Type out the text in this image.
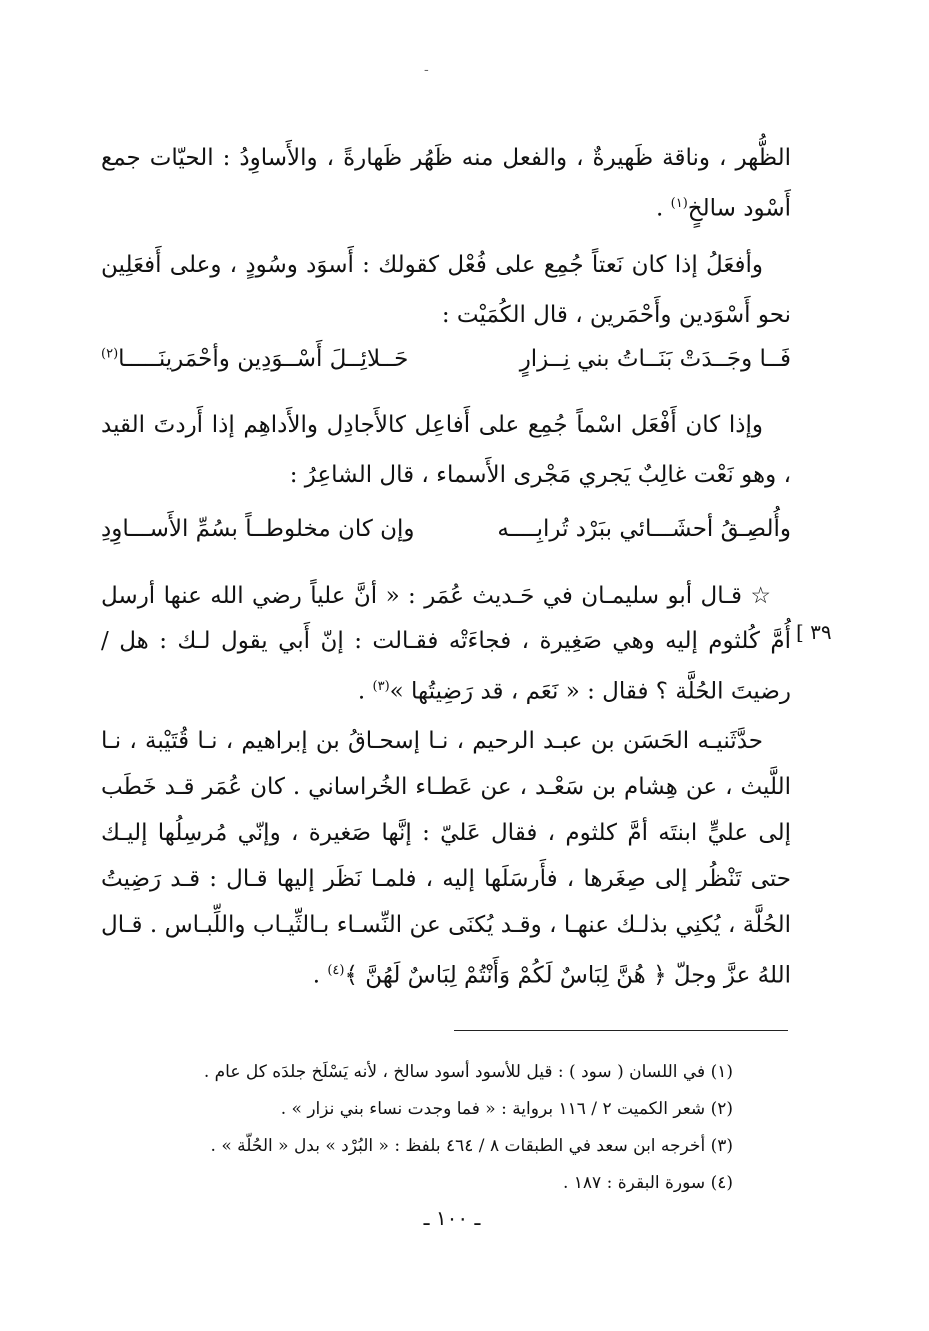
-
الظُّهر ، وناقة ظَهيرةٌ ، والفعل منه ظَهُر ظَهارةً ، والأَساوِدُ : الحيّات جمع أَسْود سالخٍ$^{(١)}$ .
وأفعَلُ إذا كان نَعتاً جُمِع على فُعْل كقولك : أَسوَد وسُودٍ ، وعلى أَفعَلِين نحو أَسْوَدين وأَحْمَرين ، قال الكُمَيْت :
فَــا وجَــدَتْ بَنَــاتُ بني نِــزارٍ
حَــلائِــلَ أَسْــوَدِين وأحْمَرينَـــــا$^{(٢)}$
وإذا كان أَفْعَل اسْماً جُمِع على أَفاعِل كالأَجادِل والأَداهِم إذا أَردتَ القيد ، وهو نَعْت غالِبٌ يَجري مَجْرى الأَسماء ، قال الشاعِرُ :
وأُلصِـقُ أحشَـــائي ببَرْد تُرابِــــه
وإن كان مخلوطــاً بسُمِّ الأَســـاوِدِ
☆ قـال أبو سليمـان في حَـديث عُمَر : « أنَّ علياً رضي الله عنها أرسل أُمَّ كُلثوم إليه وهي صَغِيرة ، فجاءَتْه فقـالت : إنّ أَبي يقول لـك : هل / رضيتَ الحُلَّة ؟ فقال : « نَعَم ، قد رَضِيتُها »$^{(٣)}$ .
[ ٣٩
حدَّثَنيـه الحَسَن بن عبـد الرحيم ، نـا إسحـاقُ بن إبراهيم ، نـا قُتَيْبة ، نـا اللَّيث ، عن هِشام بن سَعْـد ، عن عَطـاء الخُراساني . كان عُمَر قـد خَطَب إلى عليٍّ ابنتَه أمَّ كلثوم ، فقال عَليّ : إنَّها صَغيرة ، وإنّي مُرسِلُها إليـك حتى تَنْظُر إلى صِغَرها ، فأَرسَلَها إليه ، فلمـا نَظَر إليها قـال : قـد رَضِيتُ الحُلَّة ، يُكنِي بذلـك عنهـا ، وقـد يُكنَى عن النِّسـاء بـالثِّيـاب واللِّبـاس . قـال اللهُ عزَّ وجلّ ﴿ هُنَّ لِبَاسٌ لَكُمْ وَأَنْتُمْ لِبَاسٌ لَهُنَّ ﴾$^{(٤)}$ .

(١) في اللسان ( سود ) : قيل للأسود أسود سالخ ، لأنه يَسْلَخ جلدَه كل عام .

(٢) شعر الكميت ٢ / ١١٦ برواية : « فما وجدت نساء بني نزار » .

(٣) أخرجه ابن سعد في الطبقات ٨ / ٤٦٤ بلفظ : « البُرْد » بدل « الحُلّة » .

(٤) سورة البقرة : ١٨٧ .

ـ ١٠٠ ـ
